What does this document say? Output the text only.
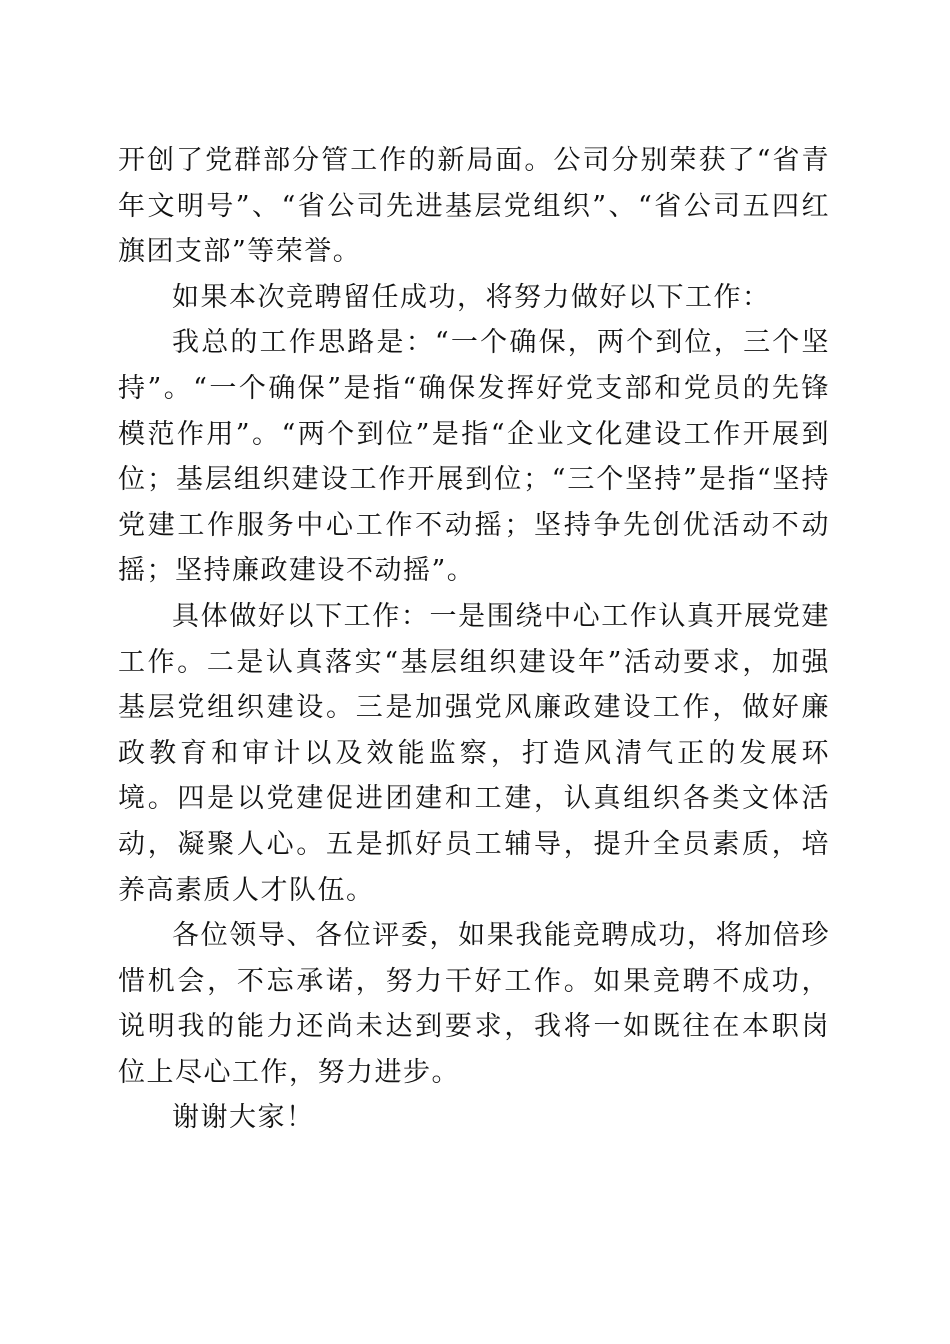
开创了党群部分管工作的新局面。公司分别荣获了“省青年文明号”、“省公司先进基层党组织”、“省公司五四红旗团支部”等荣誉。

如果本次竞聘留任成功，将努力做好以下工作：

我总的工作思路是：“一个确保，两个到位，三个坚持”。“一个确保”是指“确保发挥好党支部和党员的先锋模范作用”。“两个到位”是指“企业文化建设工作开展到位；基层组织建设工作开展到位；“三个坚持”是指“坚持党建工作服务中心工作不动摇；坚持争先创优活动不动摇；坚持廉政建设不动摇”。

具体做好以下工作：一是围绕中心工作认真开展党建工作。二是认真落实“基层组织建设年”活动要求，加强基层党组织建设。三是加强党风廉政建设工作，做好廉政教育和审计以及效能监察，打造风清气正的发展环境。四是以党建促进团建和工建，认真组织各类文体活动，凝聚人心。五是抓好员工辅导，提升全员素质，培养高素质人才队伍。

各位领导、各位评委，如果我能竞聘成功，将加倍珍惜机会，不忘承诺，努力干好工作。如果竞聘不成功，说明我的能力还尚未达到要求，我将一如既往在本职岗位上尽心工作，努力进步。

谢谢大家！
